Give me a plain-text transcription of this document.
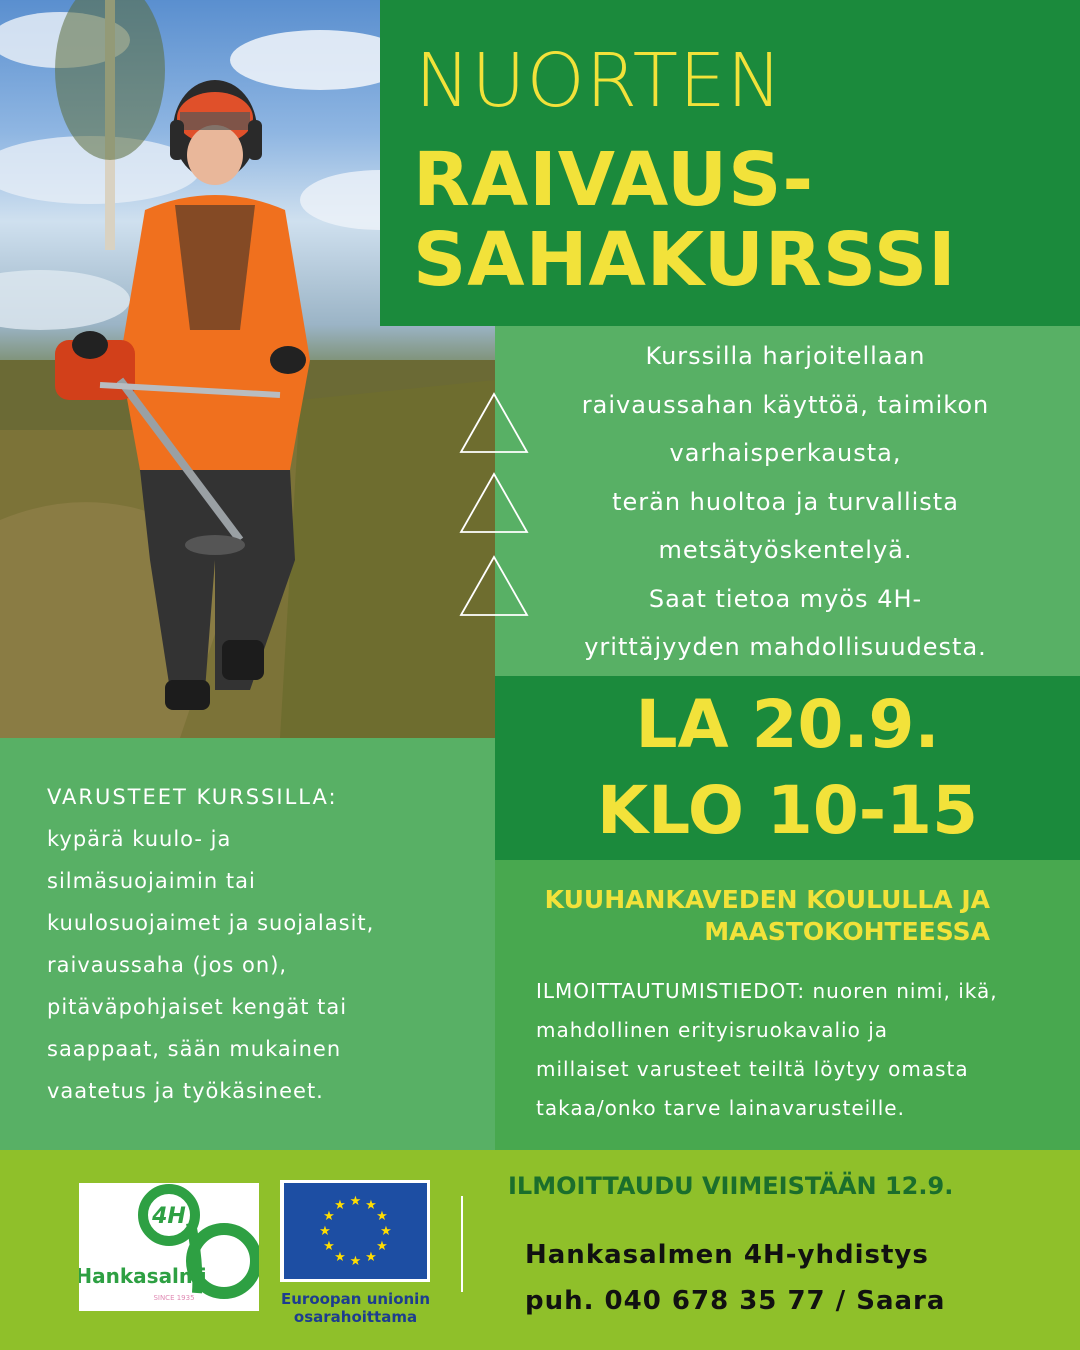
NUORTEN
RAIVAUS-
SAHAKURSSI
Kurssilla harjoitellaan
raivaussahan käyttöä, taimikon
varhaisperkausta,
terän huoltoa ja turvallista
metsätyöskentelyä.
Saat tietoa myös 4H-
yrittäjyyden mahdollisuudesta.
LA 20.9.
KLO 10-15
KUUHANKAVEDEN KOULULLA JA
MAASTOKOHTEESSA
ILMOITTAUTUMISTIEDOT: nuoren nimi, ikä,
mahdollinen erityisruokavalio ja
millaiset varusteet teiltä löytyy omasta
takaa/onko tarve lainavarusteille.
VARUSTEET KURSSILLA:
kypärä kuulo- ja
silmäsuojaimin tai
kuulosuojaimet ja suojalasit,
raivaussaha (jos on),
pitäväpohjaiset kengät tai
saappaat, sään mukainen
vaatetus ja työkäsineet.
4H
Hankasalmi
SINCE 1935
★ ★
★
★
★
★
★
★
★
★
★
★
Euroopan unionin
osarahoittama
ILMOITTAUDU VIIMEISTÄÄN 12.9.
Hankasalmen 4H-yhdistys
puh. 040 678 35 77 / Saara
